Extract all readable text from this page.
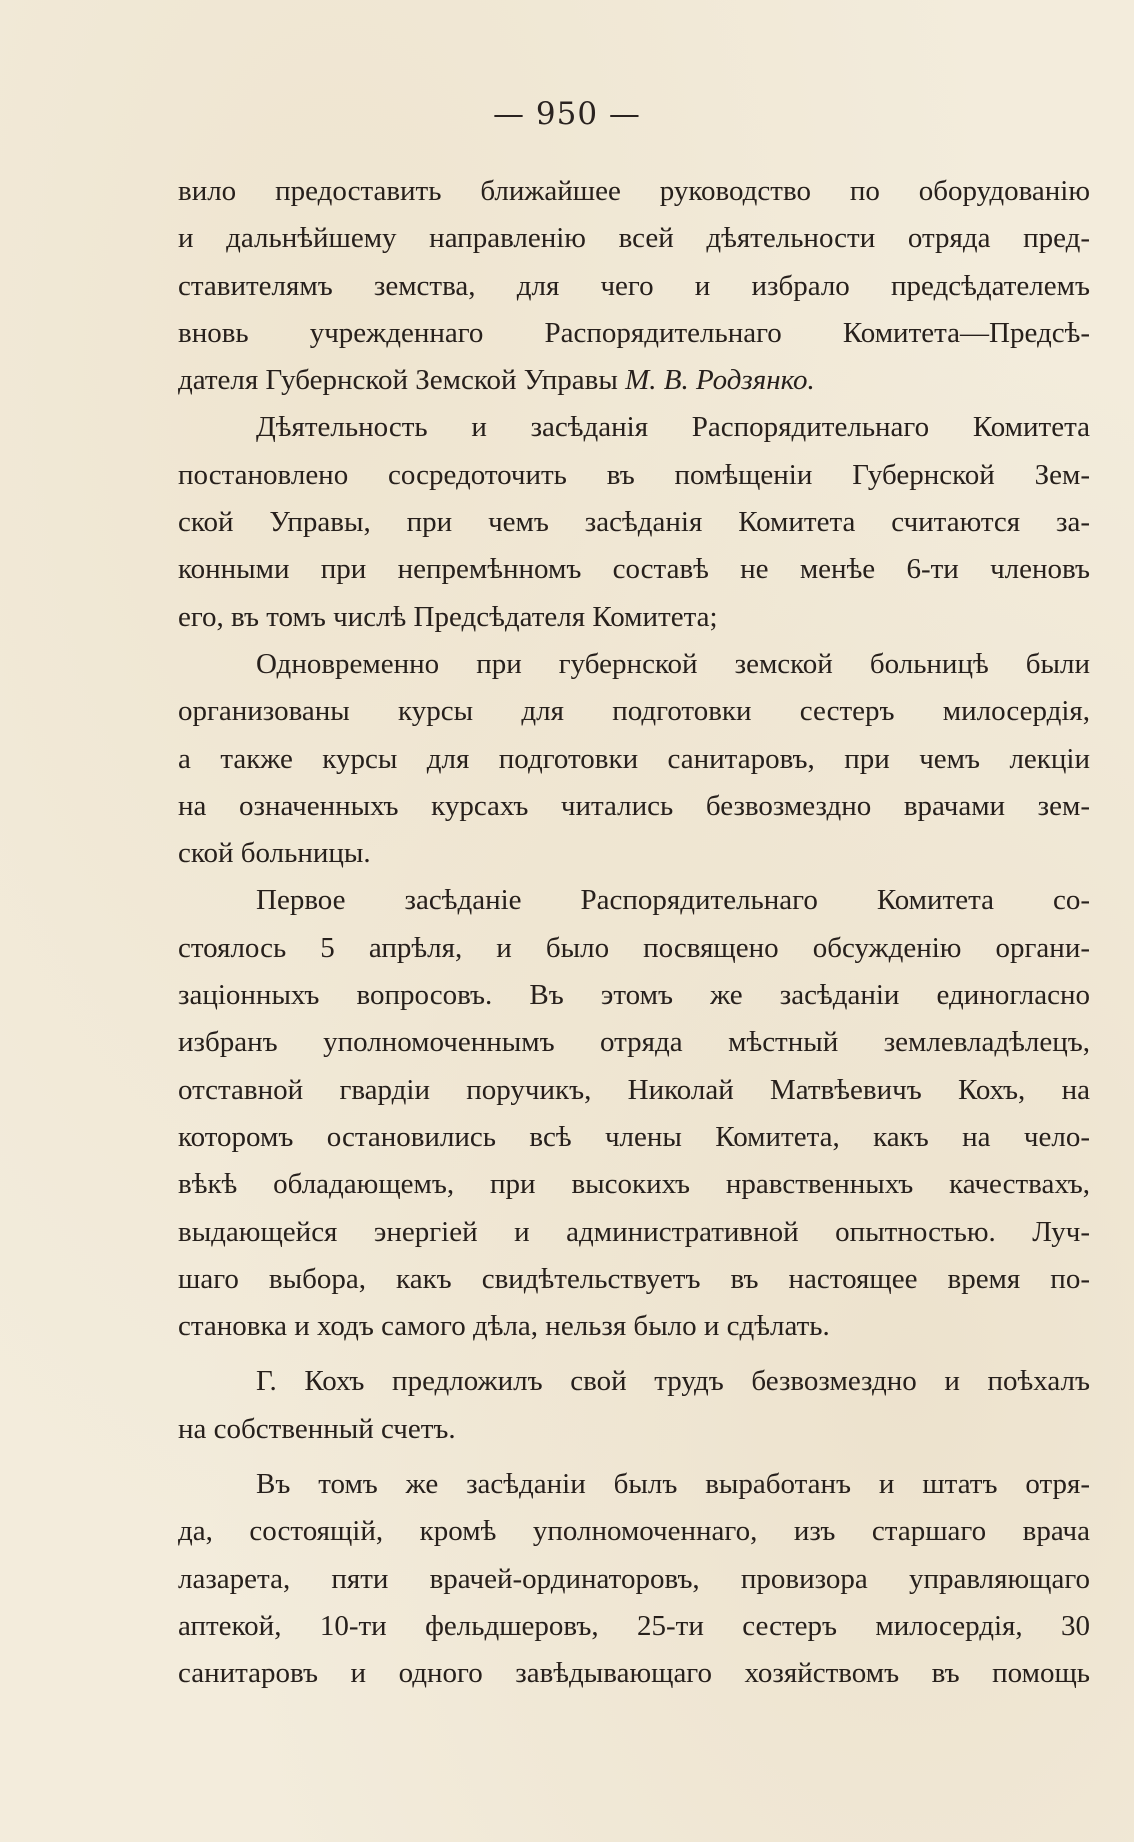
— 950 —
вило предоставить ближайшее руководство по оборудованію
и дальнѣйшему направленію всей дѣятельности отряда пред-
ставителямъ земства, для чего и избрало предсѣдателемъ
вновь учрежденнаго Распорядительнаго Комитета—Предсѣ-
дателя Губернской Земской Управы М. В. Родзянко.
Дѣятельность и засѣданія Распорядительнаго Комитета
постановлено сосредоточить въ помѣщеніи Губернской Зем-
ской Управы, при чемъ засѣданія Комитета считаются за-
конными при непремѣнномъ составѣ не менѣе 6-ти членовъ
его, въ томъ числѣ Предсѣдателя Комитета;
Одновременно при губернской земской больницѣ были
организованы курсы для подготовки сестеръ милосердія,
а также курсы для подготовки санитаровъ, при чемъ лекціи
на означенныхъ курсахъ читались безвозмездно врачами зем-
ской больницы.
Первое засѣданіе Распорядительнаго Комитета со-
стоялось 5 апрѣля, и было посвящено обсужденію органи-
заціонныхъ вопросовъ. Въ этомъ же засѣданіи единогласно
избранъ уполномоченнымъ отряда мѣстный землевладѣлецъ,
отставной гвардіи поручикъ, Николай Матвѣевичъ Кохъ, на
которомъ остановились всѣ члены Комитета, какъ на чело-
вѣкѣ обладающемъ, при высокихъ нравственныхъ качествахъ,
выдающейся энергіей и административной опытностью. Луч-
шаго выбора, какъ свидѣтельствуетъ въ настоящее время по-
становка и ходъ самого дѣла, нельзя было и сдѣлать.
Г. Кохъ предложилъ свой трудъ безвозмездно и поѣхалъ
на собственный счетъ.
Въ томъ же засѣданіи былъ выработанъ и штатъ отря-
да, состоящій, кромѣ уполномоченнаго, изъ старшаго врача
лазарета, пяти врачей-ординаторовъ, провизора управляющаго
аптекой, 10-ти фельдшеровъ, 25-ти сестеръ милосердія, 30
санитаровъ и одного завѣдывающаго хозяйствомъ въ помощь
